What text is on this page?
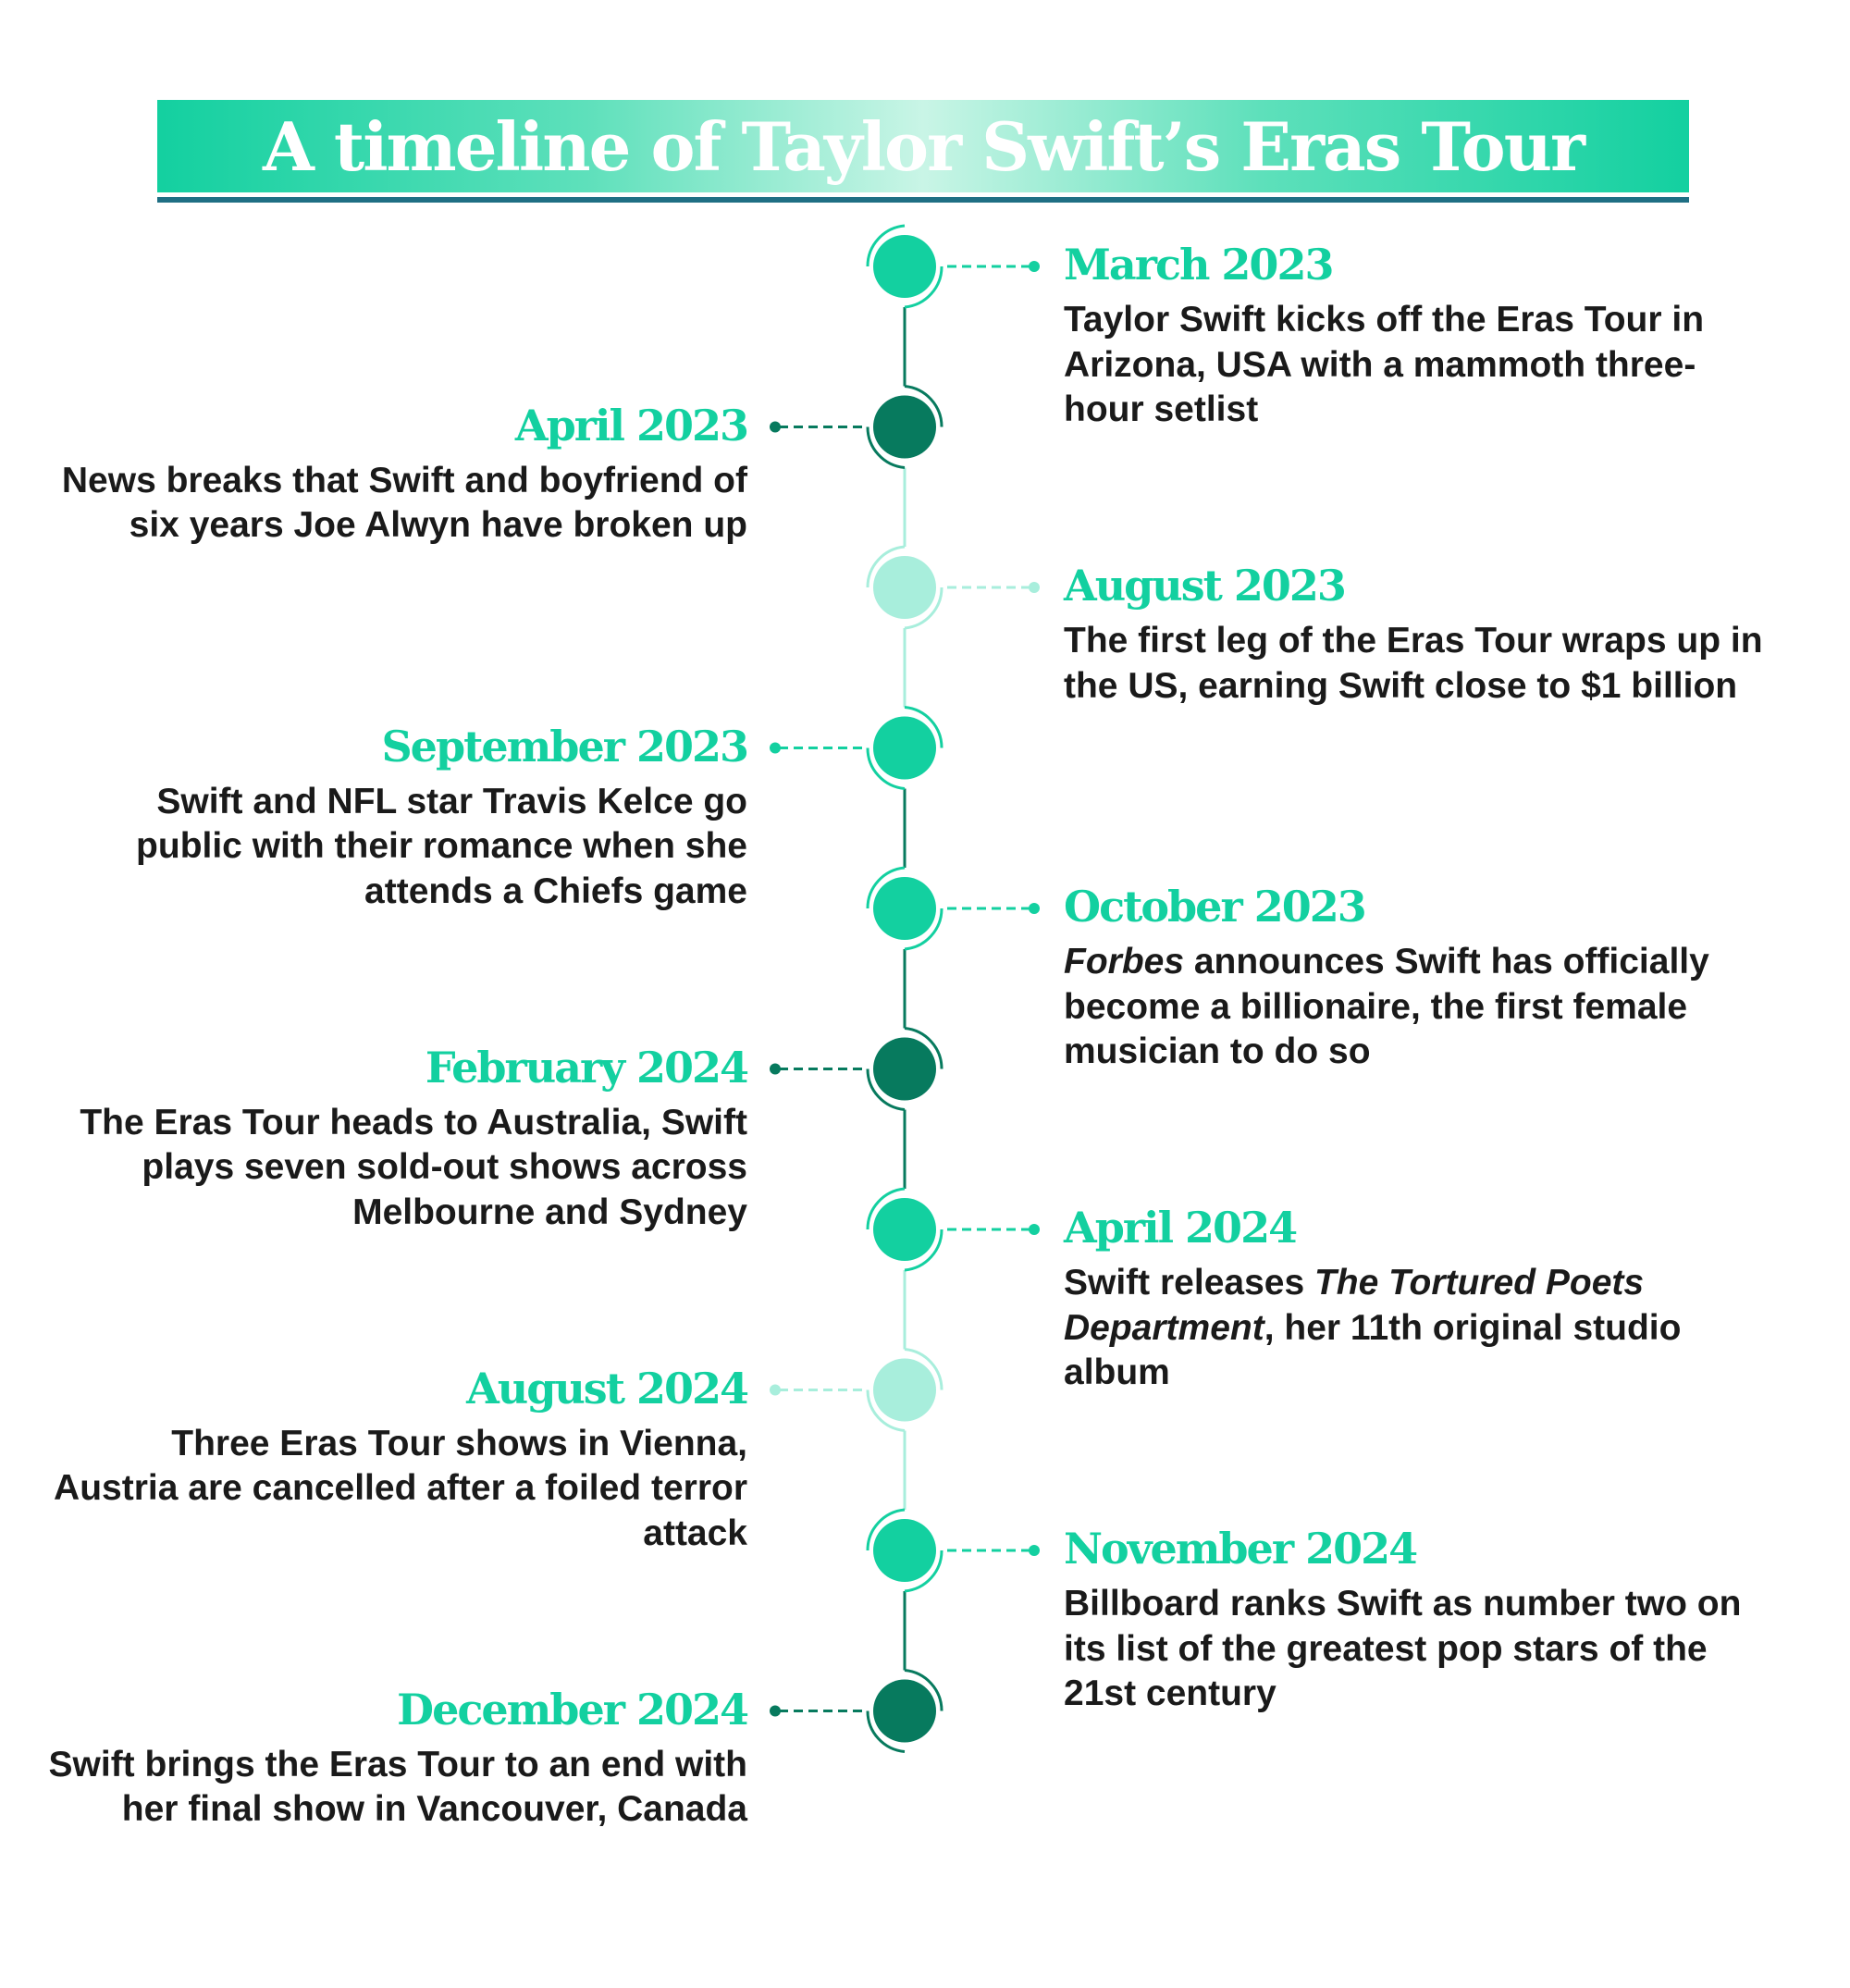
A timeline of Taylor Swift’s Eras Tour
March 2023
Taylor Swift kicks off the Eras Tour in Arizona, USA with a mammoth three-hour setlist
April 2023
News breaks that Swift and boyfriend of six years Joe Alwyn have broken up
August 2023
The first leg of the Eras Tour wraps up in the US, earning Swift close to $1 billion
September 2023
Swift and NFL star Travis Kelce go public with their romance when she attends a Chiefs game	October 2023
Forbes announces Swift has officially become a billionaire, the first female musician to do so
February 2024
The Eras Tour heads to Australia, Swift plays seven sold-out shows across Melbourne and Sydney	April 2024
Swift releases The Tortured Poets Department, her 11th original studio album
August 2024
Three Eras Tour shows in Vienna, Austria are cancelled after a foiled terror attack	November 2024
Billboard ranks Swift as number two on its list of the greatest pop stars of the 21st century
December 2024
Swift brings the Eras Tour to an end with her final show in Vancouver, Canada
